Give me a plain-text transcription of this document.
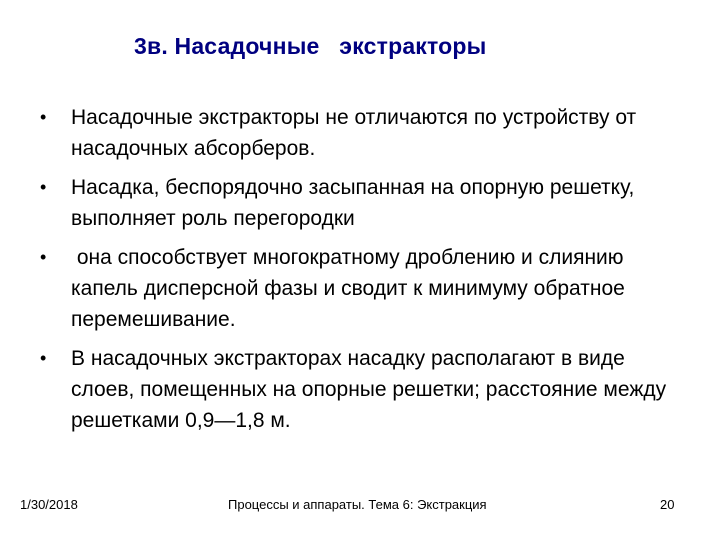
3в. Насадочные   экстракторы
•	Насадочные экстракторы не отличаются по устройству от насадочных абсорберов.
•	Насадка, беспорядочно засыпанная на опорную решетку, выполняет роль перегородки
•	она способствует многократному дроблению и слиянию капель дисперсной фазы и сводит к минимуму обратное перемешивание.
•	В насадочных экстракторах насадку располагают в виде слоев, помещенных на опорные решетки; расстояние между решетками 0,9—1,8 м.
1/30/2018	Процессы и аппараты. Тема 6: Экстракция	20
